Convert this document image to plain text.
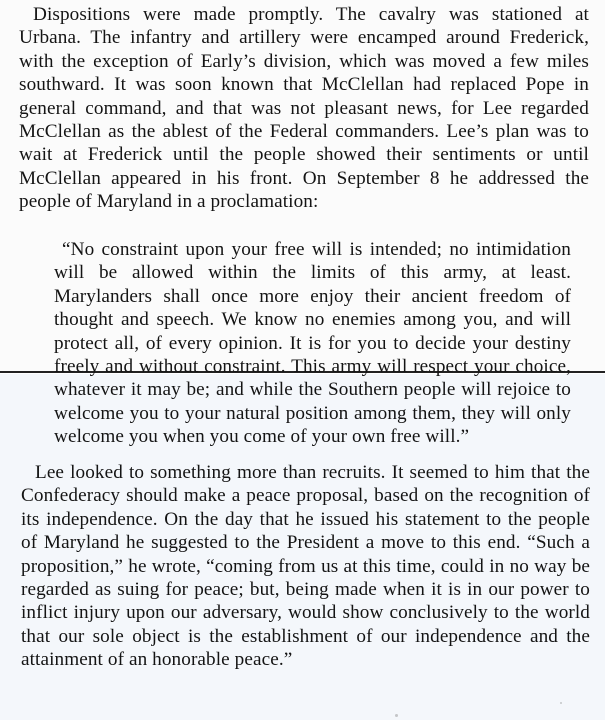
Dispositions were made promptly. The cavalry was stationed at Urbana. The infantry and artillery were encamped around Frederick, with the exception of Early’s division, which was moved a few miles southward. It was soon known that McClellan had replaced Pope in general command, and that was not pleasant news, for Lee regarded McClellan as the ablest of the Federal commanders. Lee’s plan was to wait at Frederick until the people showed their sentiments or until McClellan appeared in his front. On September 8 he addressed the people of Maryland in a proclamation:

“No constraint upon your free will is intended; no intimidation will be allowed within the limits of this army, at least. Marylanders shall once more enjoy their ancient freedom of thought and speech. We know no enemies among you, and will protect all, of every opinion. It is for you to decide your destiny freely and without constraint. This army will respect your choice, whatever it may be; and while the Southern people will rejoice to welcome you to your natural position among them, they will only welcome you when you come of your own free will.”

Lee looked to something more than recruits. It seemed to him that the Confederacy should make a peace proposal, based on the recognition of its independence. On the day that he issued his statement to the people of Maryland he suggested to the President a move to this end. “Such a proposition,” he wrote, “coming from us at this time, could in no way be regarded as suing for peace; but, being made when it is in our power to inflict injury upon our adversary, would show conclusively to the world that our sole object is the establishment of our independence and the attainment of an honorable peace.”
